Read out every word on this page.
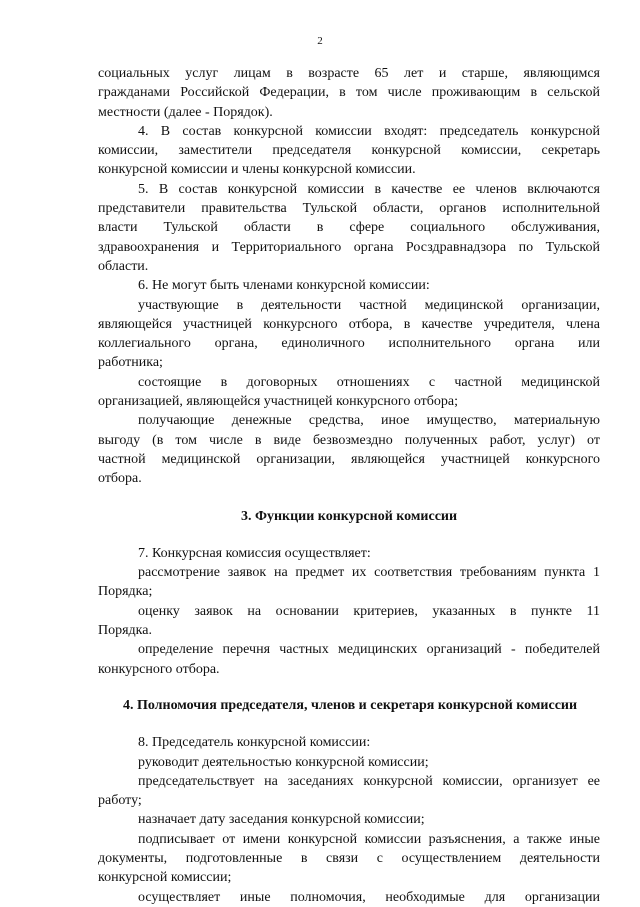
2
социальных услуг лицам в возрасте 65 лет и старше, являющимся
гражданами Российской Федерации, в том числе проживающим в сельской
местности (далее - Порядок).
4. В состав конкурсной комиссии входят: председатель конкурсной
комиссии, заместители председателя конкурсной комиссии, секретарь
конкурсной комиссии и члены конкурсной комиссии.
5. В состав конкурсной комиссии в качестве ее членов включаются
представители правительства Тульской области, органов исполнительной
власти Тульской области в сфере социального обслуживания,
здравоохранения и Территориального органа Росздравнадзора по Тульской
области.
6. Не могут быть членами конкурсной комиссии:
участвующие в деятельности частной медицинской организации,
являющейся участницей конкурсного отбора, в качестве учредителя, члена
коллегиального органа, единоличного исполнительного органа или
работника;
состоящие в договорных отношениях с частной медицинской
организацией, являющейся участницей конкурсного отбора;
получающие денежные средства, иное имущество, материальную
выгоду (в том числе в виде безвозмездно полученных работ, услуг) от
частной медицинской организации, являющейся участницей конкурсного
отбора.
3. Функции конкурсной комиссии
7. Конкурсная комиссия осуществляет:
рассмотрение заявок на предмет их соответствия требованиям пункта 1
Порядка;
оценку заявок на основании критериев, указанных в пункте 11
Порядка.
определение перечня частных медицинских организаций - победителей
конкурсного отбора.
4. Полномочия председателя, членов и секретаря конкурсной комиссии
8. Председатель конкурсной комиссии:
руководит деятельностью конкурсной комиссии;
председательствует на заседаниях конкурсной комиссии, организует ее
работу;
назначает дату заседания конкурсной комиссии;
подписывает от имени конкурсной комиссии разъяснения, а также иные
документы, подготовленные в связи с осуществлением деятельности
конкурсной комиссии;
осуществляет иные полномочия, необходимые для организации
